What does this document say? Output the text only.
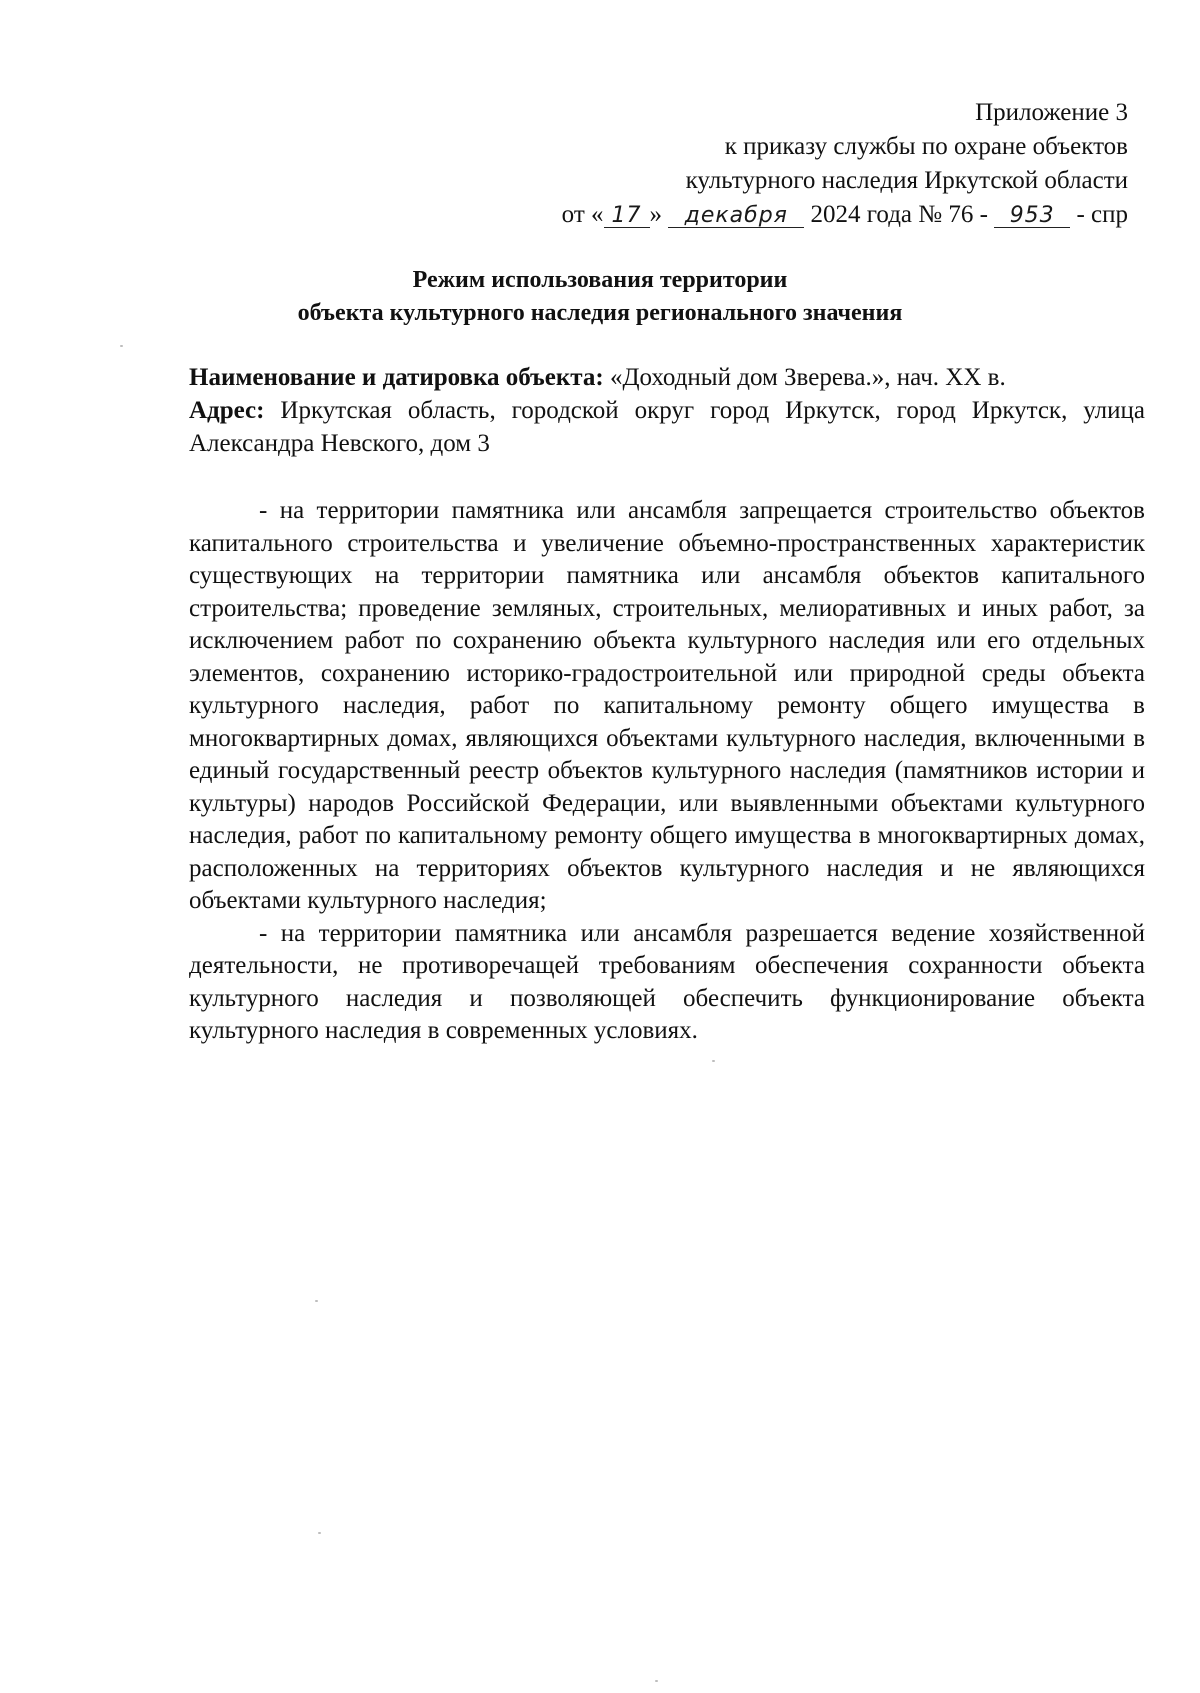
Приложение 3
к приказу службы по охране объектов
культурного наследия Иркутской области
от « 17 » декабря 2024 года № 76 - 953 - спр
Режим использования территории
объекта культурного наследия регионального значения

Наименование и датировка объекта: «Доходный дом Зверева.», нач. XX в.

Адрес: Иркутская область, городской округ город Иркутск, город Иркутск, улица Александра Невского, дом 3

- на территории памятника или ансамбля запрещается строительство объектов капитального строительства и увеличение объемно-пространственных характеристик существующих на территории памятника или ансамбля объектов капитального строительства; проведение земляных, строительных, мелиоративных и иных работ, за исключением работ по сохранению объекта культурного наследия или его отдельных элементов, сохранению историко-градостроительной или природной среды объекта культурного наследия, работ по капитальному ремонту общего имущества в многоквартирных домах, являющихся объектами культурного наследия, включенными в единый государственный реестр объектов культурного наследия (памятников истории и культуры) народов Российской Федерации, или выявленными объектами культурного наследия, работ по капитальному ремонту общего имущества в многоквартирных домах, расположенных на территориях объектов культурного наследия и не являющихся объектами культурного наследия;

- на территории памятника или ансамбля разрешается ведение хозяйственной деятельности, не противоречащей требованиям обеспечения сохранности объекта культурного наследия и позволяющей обеспечить функционирование объекта культурного наследия в современных условиях.
